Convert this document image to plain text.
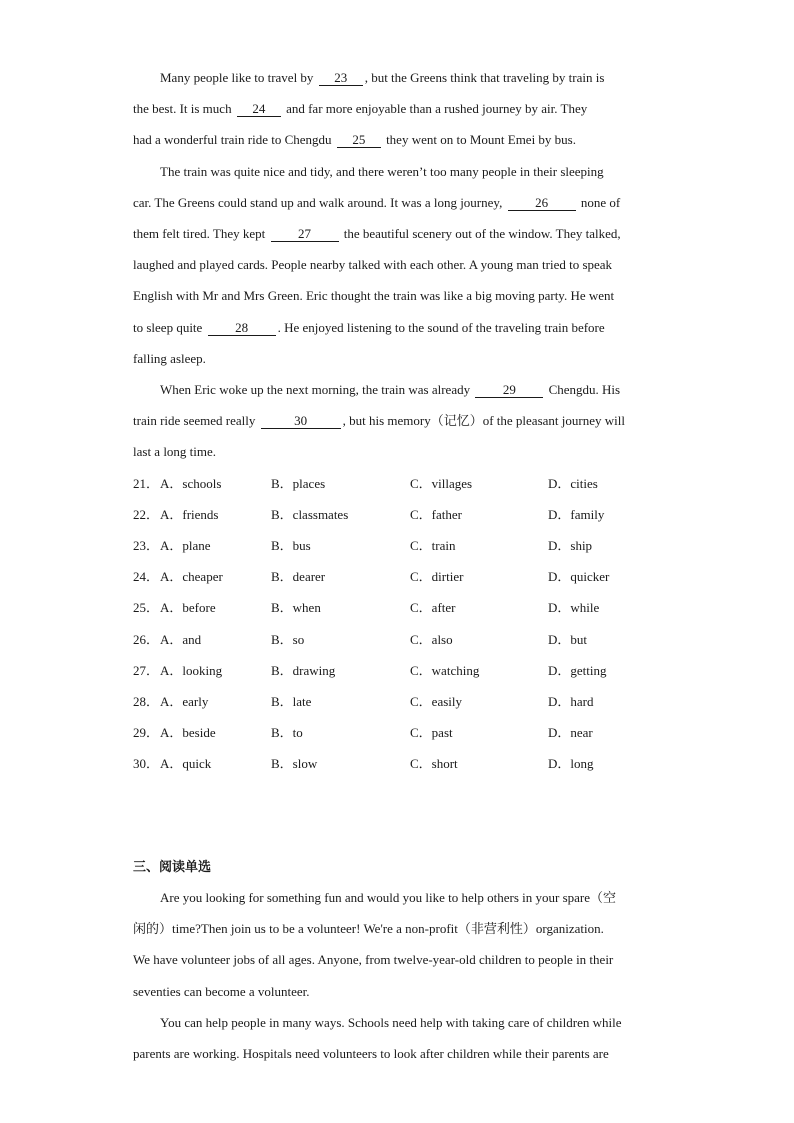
Many people like to travel by 23 , but the Greens think that traveling by train is
the best. It is much 24 and far more enjoyable than a rushed journey by air. They
had a wonderful train ride to Chengdu 25 they went on to Mount Emei by bus.

The train was quite nice and tidy, and there weren’t too many people in their sleeping
car. The Greens could stand up and walk around. It was a long journey, 26 none of
them felt tired. They kept 27 the beautiful scenery out of the window. They talked,
laughed and played cards. People nearby talked with each other. A young man tried to speak
English with Mr and Mrs Green. Eric thought the train was like a big moving party. He went
to sleep quite 28 . He enjoyed listening to the sound of the traveling train before
falling asleep.

When Eric woke up the next morning, the train was already 29 Chengdu. His
train ride seemed really	30	, but his memory（记忆）of the pleasant journey will
last a long time.

21． A．schools	B．places	C．villages	D．cities
22． A．friends	B．classmates	C．father	D．family
23． A．plane	B．bus	C．train	D．ship
24． A．cheaper	B．dearer	C．dirtier	D．quicker
25． A．before	B．when	C．after	D．while
26． A．and	B．so	C．also	D．but
27． A．looking	B．drawing	C．watching	D．getting
28． A．early	B．late	C．easily	D．hard
29． A．beside	B．to	C．past	D．near
30． A．quick	B．slow	C．short	D．long
三、阅读单选

Are you looking for something fun and would you like to help others in your spare（空
闲的）time?Then join us to be a volunteer! We're a non-profit（非营利性）organization.
We have volunteer jobs of all ages. Anyone, from twelve-year-old children to people in their
seventies can become a volunteer.

You can help people in many ways. Schools need help with taking care of children while
parents are working. Hospitals need volunteers to look after children while their parents are
